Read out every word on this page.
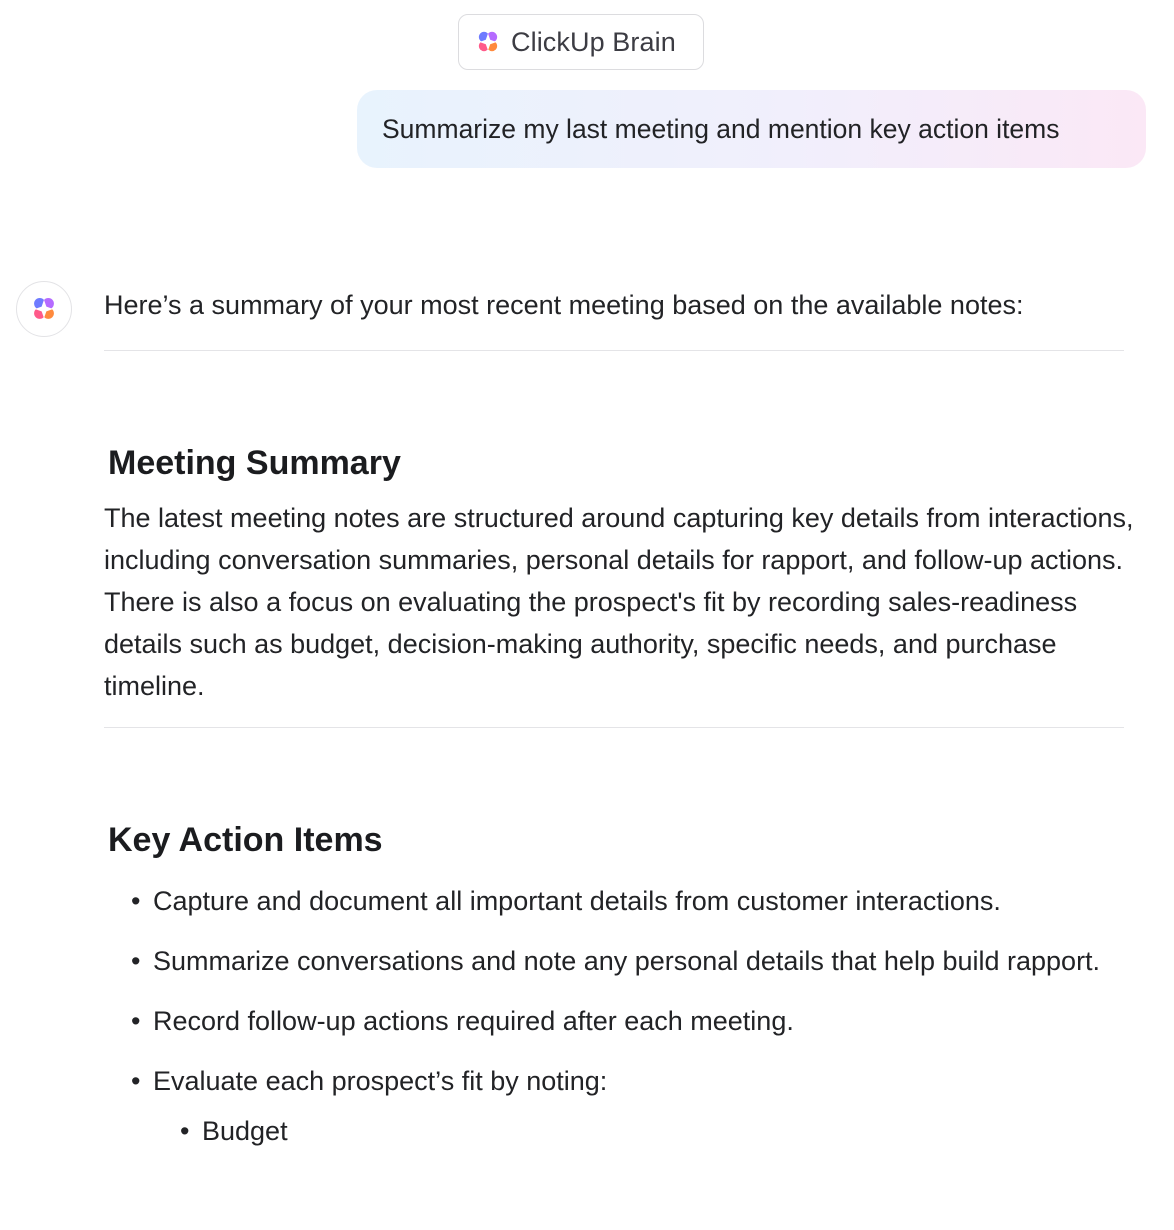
ClickUp Brain
Summarize my last meeting and mention key action items
Here’s a summary of your most recent meeting based on the available notes:
Meeting Summary

The latest meeting notes are structured around capturing key details from interactions, including conversation summaries, personal details for rapport, and follow-up actions. There is also a focus on evaluating the prospect's fit by recording sales-readiness details such as budget, decision-making authority, specific needs, and purchase timeline.

Key Action Items
• Capture and document all important details from customer interactions.
• Summarize conversations and note any personal details that help build rapport.
• Record follow-up actions required after each meeting.
• Evaluate each prospect’s fit by noting:
• Budget
